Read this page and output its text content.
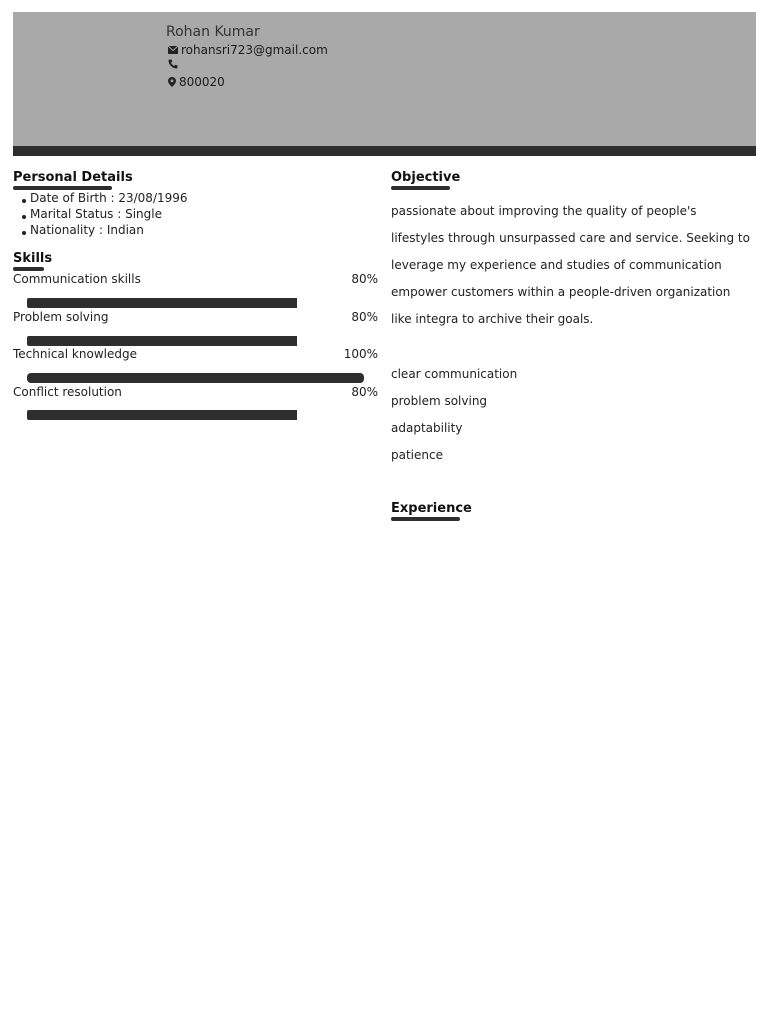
Rohan Kumar
rohansri723@gmail.com
800020
Personal Details
Date of Birth : 23/08/1996
Marital Status : Single
Nationality : Indian
Skills
Communication skills	80%
Problem solving	80%
Technical knowledge	100%
Conflict resolution	80%
Objective
passionate about improving the quality of people's lifestyles through unsurpassed care and service. Seeking to leverage my experience and studies of communication empower customers within a people-driven organization like integra to archive their goals.
clear communication
problem solving
adaptability
patience
Experience
